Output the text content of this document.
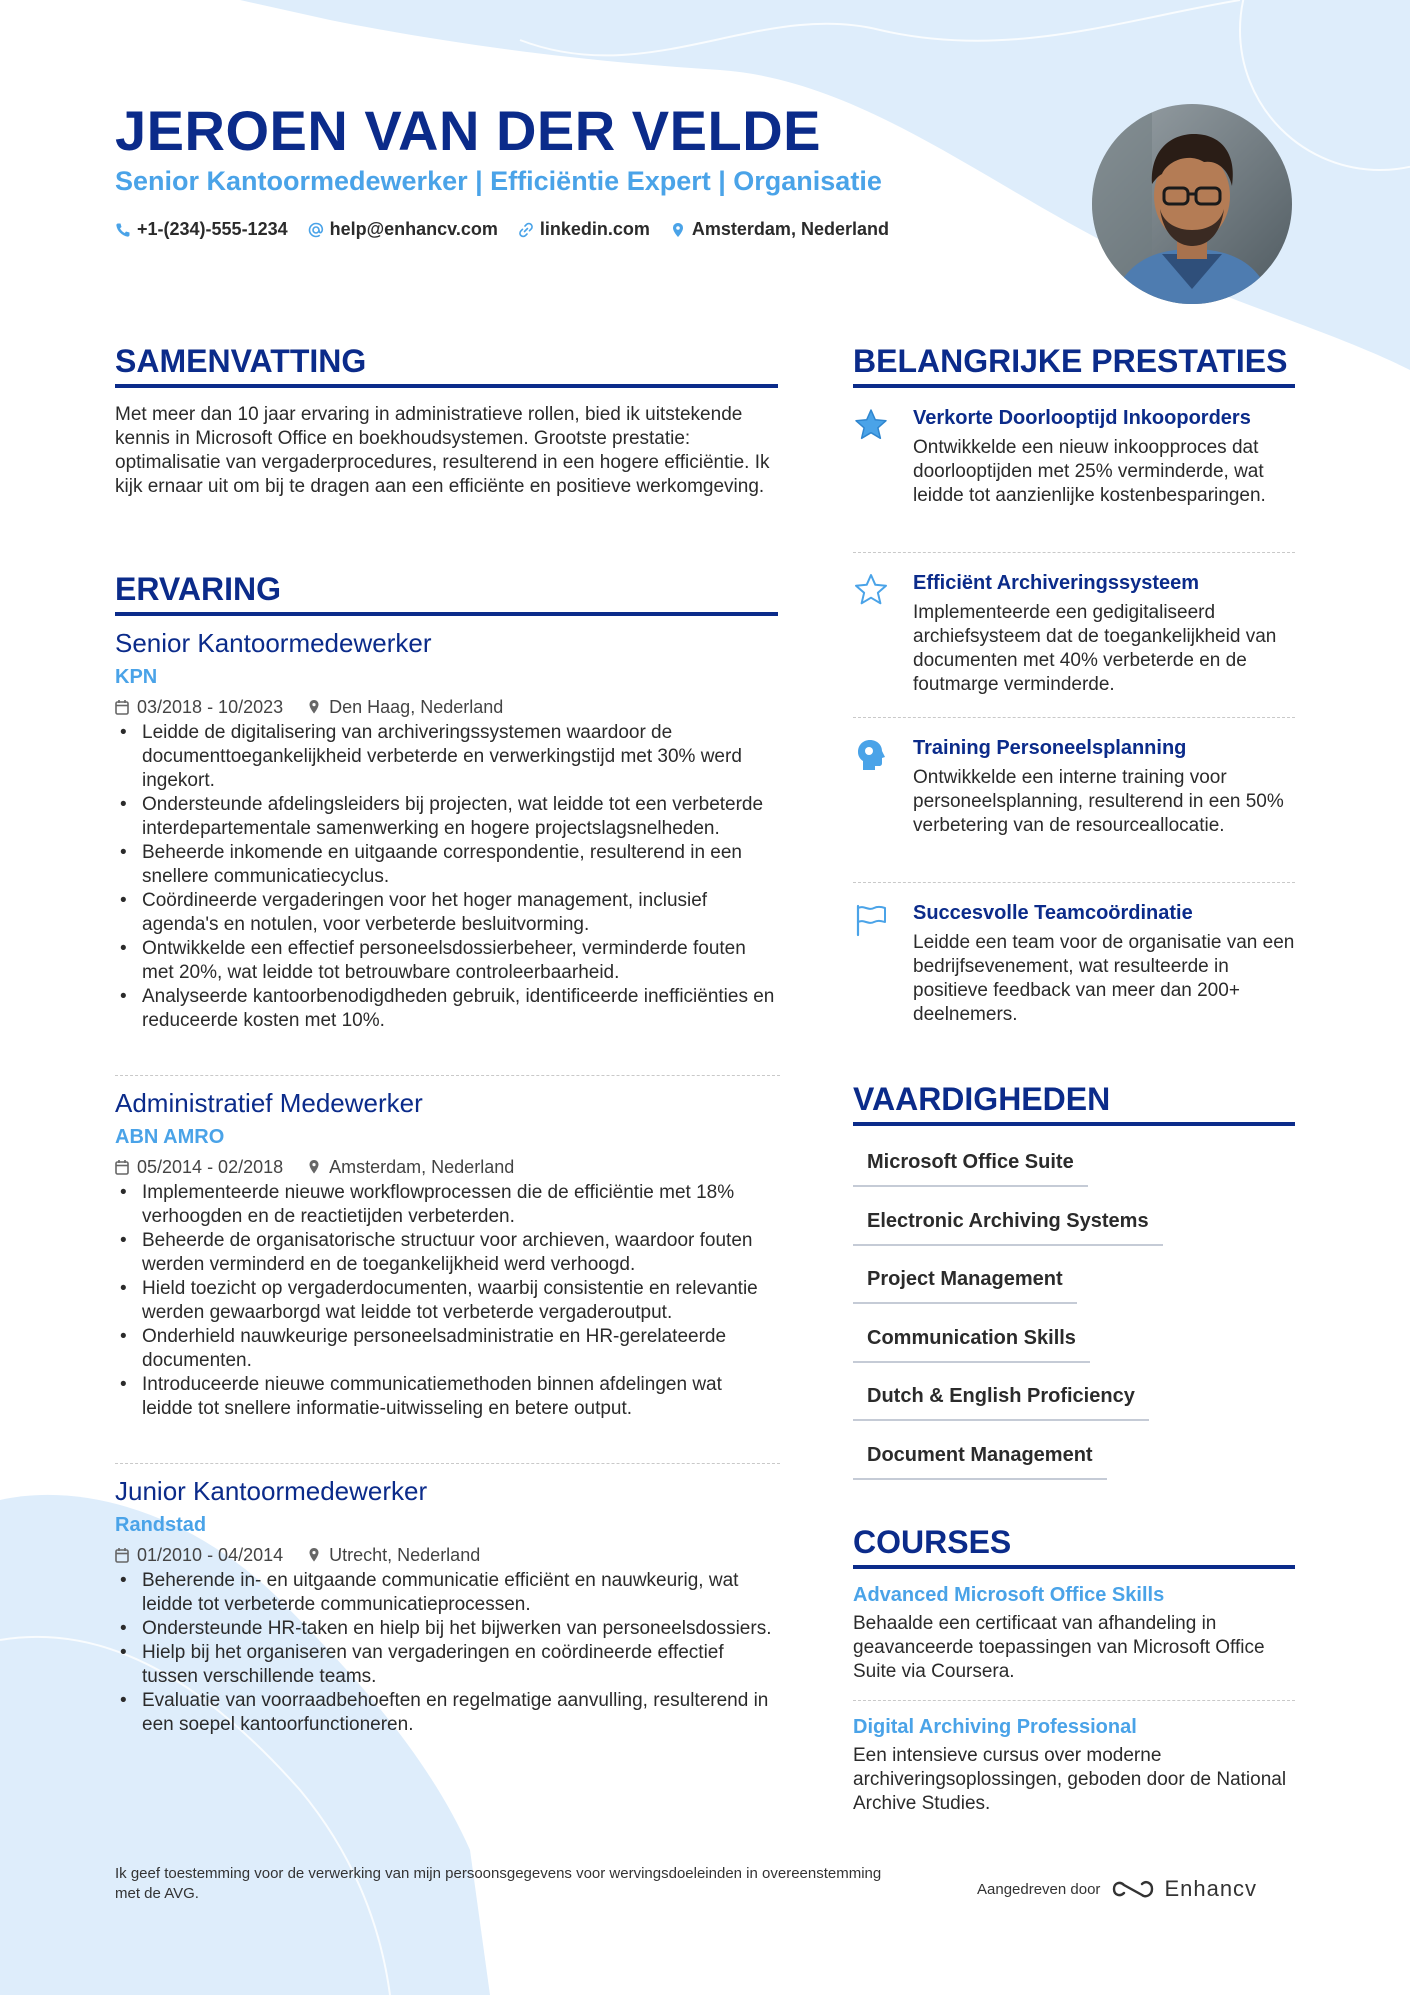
JEROEN VAN DER VELDE
Senior Kantoormedewerker | Efficiëntie Expert | Organisatie
+1-(234)-555-1234 help@enhancv.com linkedin.com Amsterdam, Nederland
SAMENVATTING
Met meer dan 10 jaar ervaring in administratieve rollen, bied ik uitstekende kennis in Microsoft Office en boekhoudsystemen. Grootste prestatie: optimalisatie van vergaderprocedures, resulterend in een hogere efficiëntie. Ik kijk ernaar uit om bij te dragen aan een efficiënte en positieve werkomgeving.
ERVARING
Senior Kantoormedewerker
KPN
03/2018 - 10/2023	Den Haag, Nederland
• Leidde de digitalisering van archiveringssystemen waardoor de documenttoegankelijkheid verbeterde en verwerkingstijd met 30% werd ingekort.
• Ondersteunde afdelingsleiders bij projecten, wat leidde tot een verbeterde interdepartementale samenwerking en hogere projectslagsnelheden.
• Beheerde inkomende en uitgaande correspondentie, resulterend in een snellere communicatiecyclus.
• Coördineerde vergaderingen voor het hoger management, inclusief agenda's en notulen, voor verbeterde besluitvorming.
• Ontwikkelde een effectief personeelsdossierbeheer, verminderde fouten met 20%, wat leidde tot betrouwbare controleerbaarheid.
• Analyseerde kantoorbenodigdheden gebruik, identificeerde inefficiënties en reduceerde kosten met 10%.
Administratief Medewerker
ABN AMRO
05/2014 - 02/2018	Amsterdam, Nederland
• Implementeerde nieuwe workflowprocessen die de efficiëntie met 18% verhoogden en de reactietijden verbeterden.
• Beheerde de organisatorische structuur voor archieven, waardoor fouten werden verminderd en de toegankelijkheid werd verhoogd.
• Hield toezicht op vergaderdocumenten, waarbij consistentie en relevantie werden gewaarborgd wat leidde tot verbeterde vergaderoutput.
• Onderhield nauwkeurige personeelsadministratie en HR-gerelateerde documenten.
• Introduceerde nieuwe communicatiemethoden binnen afdelingen wat leidde tot snellere informatie-uitwisseling en betere output.
Junior Kantoormedewerker
Randstad
01/2010 - 04/2014	Utrecht, Nederland
• Beherende in- en uitgaande communicatie efficiënt en nauwkeurig, wat leidde tot verbeterde communicatieprocessen.
• Ondersteunde HR-taken en hielp bij het bijwerken van personeelsdossiers.
• Hielp bij het organiseren van vergaderingen en coördineerde effectief tussen verschillende teams.
• Evaluatie van voorraadbehoeften en regelmatige aanvulling, resulterend in een soepel kantoorfunctioneren.
BELANGRIJKE PRESTATIES
Verkorte Doorlooptijd Inkooporders
Ontwikkelde een nieuw inkoopproces dat doorlooptijden met 25% verminderde, wat leidde tot aanzienlijke kostenbesparingen.
Efficiënt Archiveringssysteem
Implementeerde een gedigitaliseerd archiefsysteem dat de toegankelijkheid van documenten met 40% verbeterde en de foutmarge verminderde.
Training Personeelsplanning
Ontwikkelde een interne training voor personeelsplanning, resulterend in een 50% verbetering van de resourceallocatie.
Succesvolle Teamcoördinatie
Leidde een team voor de organisatie van een bedrijfsevenement, wat resulteerde in positieve feedback van meer dan 200+ deelnemers.
VAARDIGHEDEN
Microsoft Office Suite
Electronic Archiving Systems
Project Management
Communication Skills
Dutch & English Proficiency
Document Management
COURSES
Advanced Microsoft Office Skills
Behaalde een certificaat van afhandeling in geavanceerde toepassingen van Microsoft Office Suite via Coursera.
Digital Archiving Professional
Een intensieve cursus over moderne archiveringsoplossingen, geboden door de National Archive Studies.
Ik geef toestemming voor de verwerking van mijn persoonsgegevens voor wervingsdoeleinden in overeenstemming met de AVG.	Aangedreven door	Enhancv
